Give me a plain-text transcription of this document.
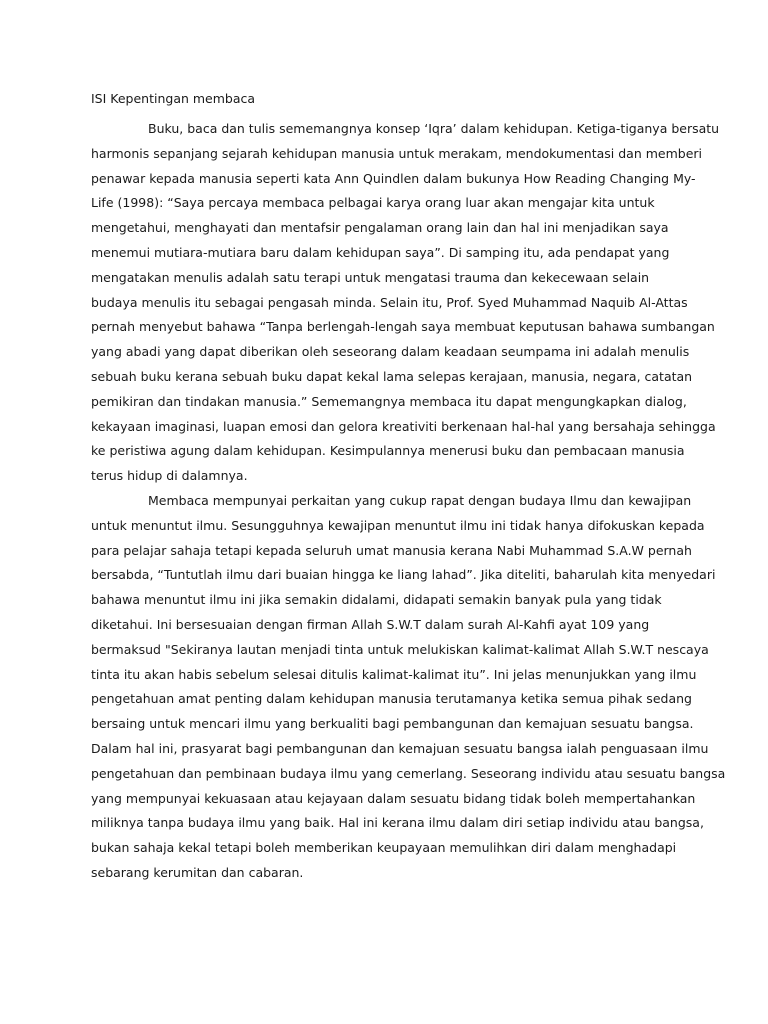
ISI Kepentingan membaca
Buku, baca dan tulis sememangnya konsep ‘Iqra’ dalam kehidupan. Ketiga-tiganya bersatu
harmonis sepanjang sejarah kehidupan manusia untuk merakam, mendokumentasi dan memberi
penawar kepada manusia seperti kata Ann Quindlen dalam bukunya How Reading Changing My-
Life (1998): “Saya percaya membaca pelbagai karya orang luar akan mengajar kita untuk
mengetahui, menghayati dan mentafsir pengalaman orang lain dan hal ini menjadikan saya
menemui mutiara-mutiara baru dalam kehidupan saya”. Di samping itu, ada pendapat yang
mengatakan menulis adalah satu terapi untuk mengatasi trauma dan kekecewaan selain
budaya menulis itu sebagai pengasah minda. Selain itu, Prof. Syed Muhammad Naquib Al-Attas
pernah menyebut bahawa “Tanpa berlengah-lengah saya membuat keputusan bahawa sumbangan
yang abadi yang dapat diberikan oleh seseorang dalam keadaan seumpama ini adalah menulis
sebuah buku kerana sebuah buku dapat kekal lama selepas kerajaan, manusia, negara, catatan
pemikiran dan tindakan manusia.” Sememangnya membaca itu dapat mengungkapkan dialog,
kekayaan imaginasi, luapan emosi dan gelora kreativiti berkenaan hal-hal yang bersahaja sehingga
ke peristiwa agung dalam kehidupan. Kesimpulannya menerusi buku dan pembacaan manusia
terus hidup di dalamnya.
Membaca mempunyai perkaitan yang cukup rapat dengan budaya Ilmu dan kewajipan
untuk menuntut ilmu. Sesungguhnya kewajipan menuntut ilmu ini tidak hanya difokuskan kepada
para pelajar sahaja tetapi kepada seluruh umat manusia kerana Nabi Muhammad S.A.W pernah
bersabda, “Tuntutlah ilmu dari buaian hingga ke liang lahad”. Jika diteliti, baharulah kita menyedari
bahawa menuntut ilmu ini jika semakin didalami, didapati semakin banyak pula yang tidak
diketahui. Ini bersesuaian dengan firman Allah S.W.T dalam surah Al-Kahfi ayat 109 yang
bermaksud "Sekiranya lautan menjadi tinta untuk melukiskan kalimat-kalimat Allah S.W.T nescaya
tinta itu akan habis sebelum selesai ditulis kalimat-kalimat itu”. Ini jelas menunjukkan yang ilmu
pengetahuan amat penting dalam kehidupan manusia terutamanya ketika semua pihak sedang
bersaing untuk mencari ilmu yang berkualiti bagi pembangunan dan kemajuan sesuatu bangsa.
Dalam hal ini, prasyarat bagi pembangunan dan kemajuan sesuatu bangsa ialah penguasaan ilmu
pengetahuan dan pembinaan budaya ilmu yang cemerlang. Seseorang individu atau sesuatu bangsa
yang mempunyai kekuasaan atau kejayaan dalam sesuatu bidang tidak boleh mempertahankan
miliknya tanpa budaya ilmu yang baik. Hal ini kerana ilmu dalam diri setiap individu atau bangsa,
bukan sahaja kekal tetapi boleh memberikan keupayaan memulihkan diri dalam menghadapi
sebarang kerumitan dan cabaran.
